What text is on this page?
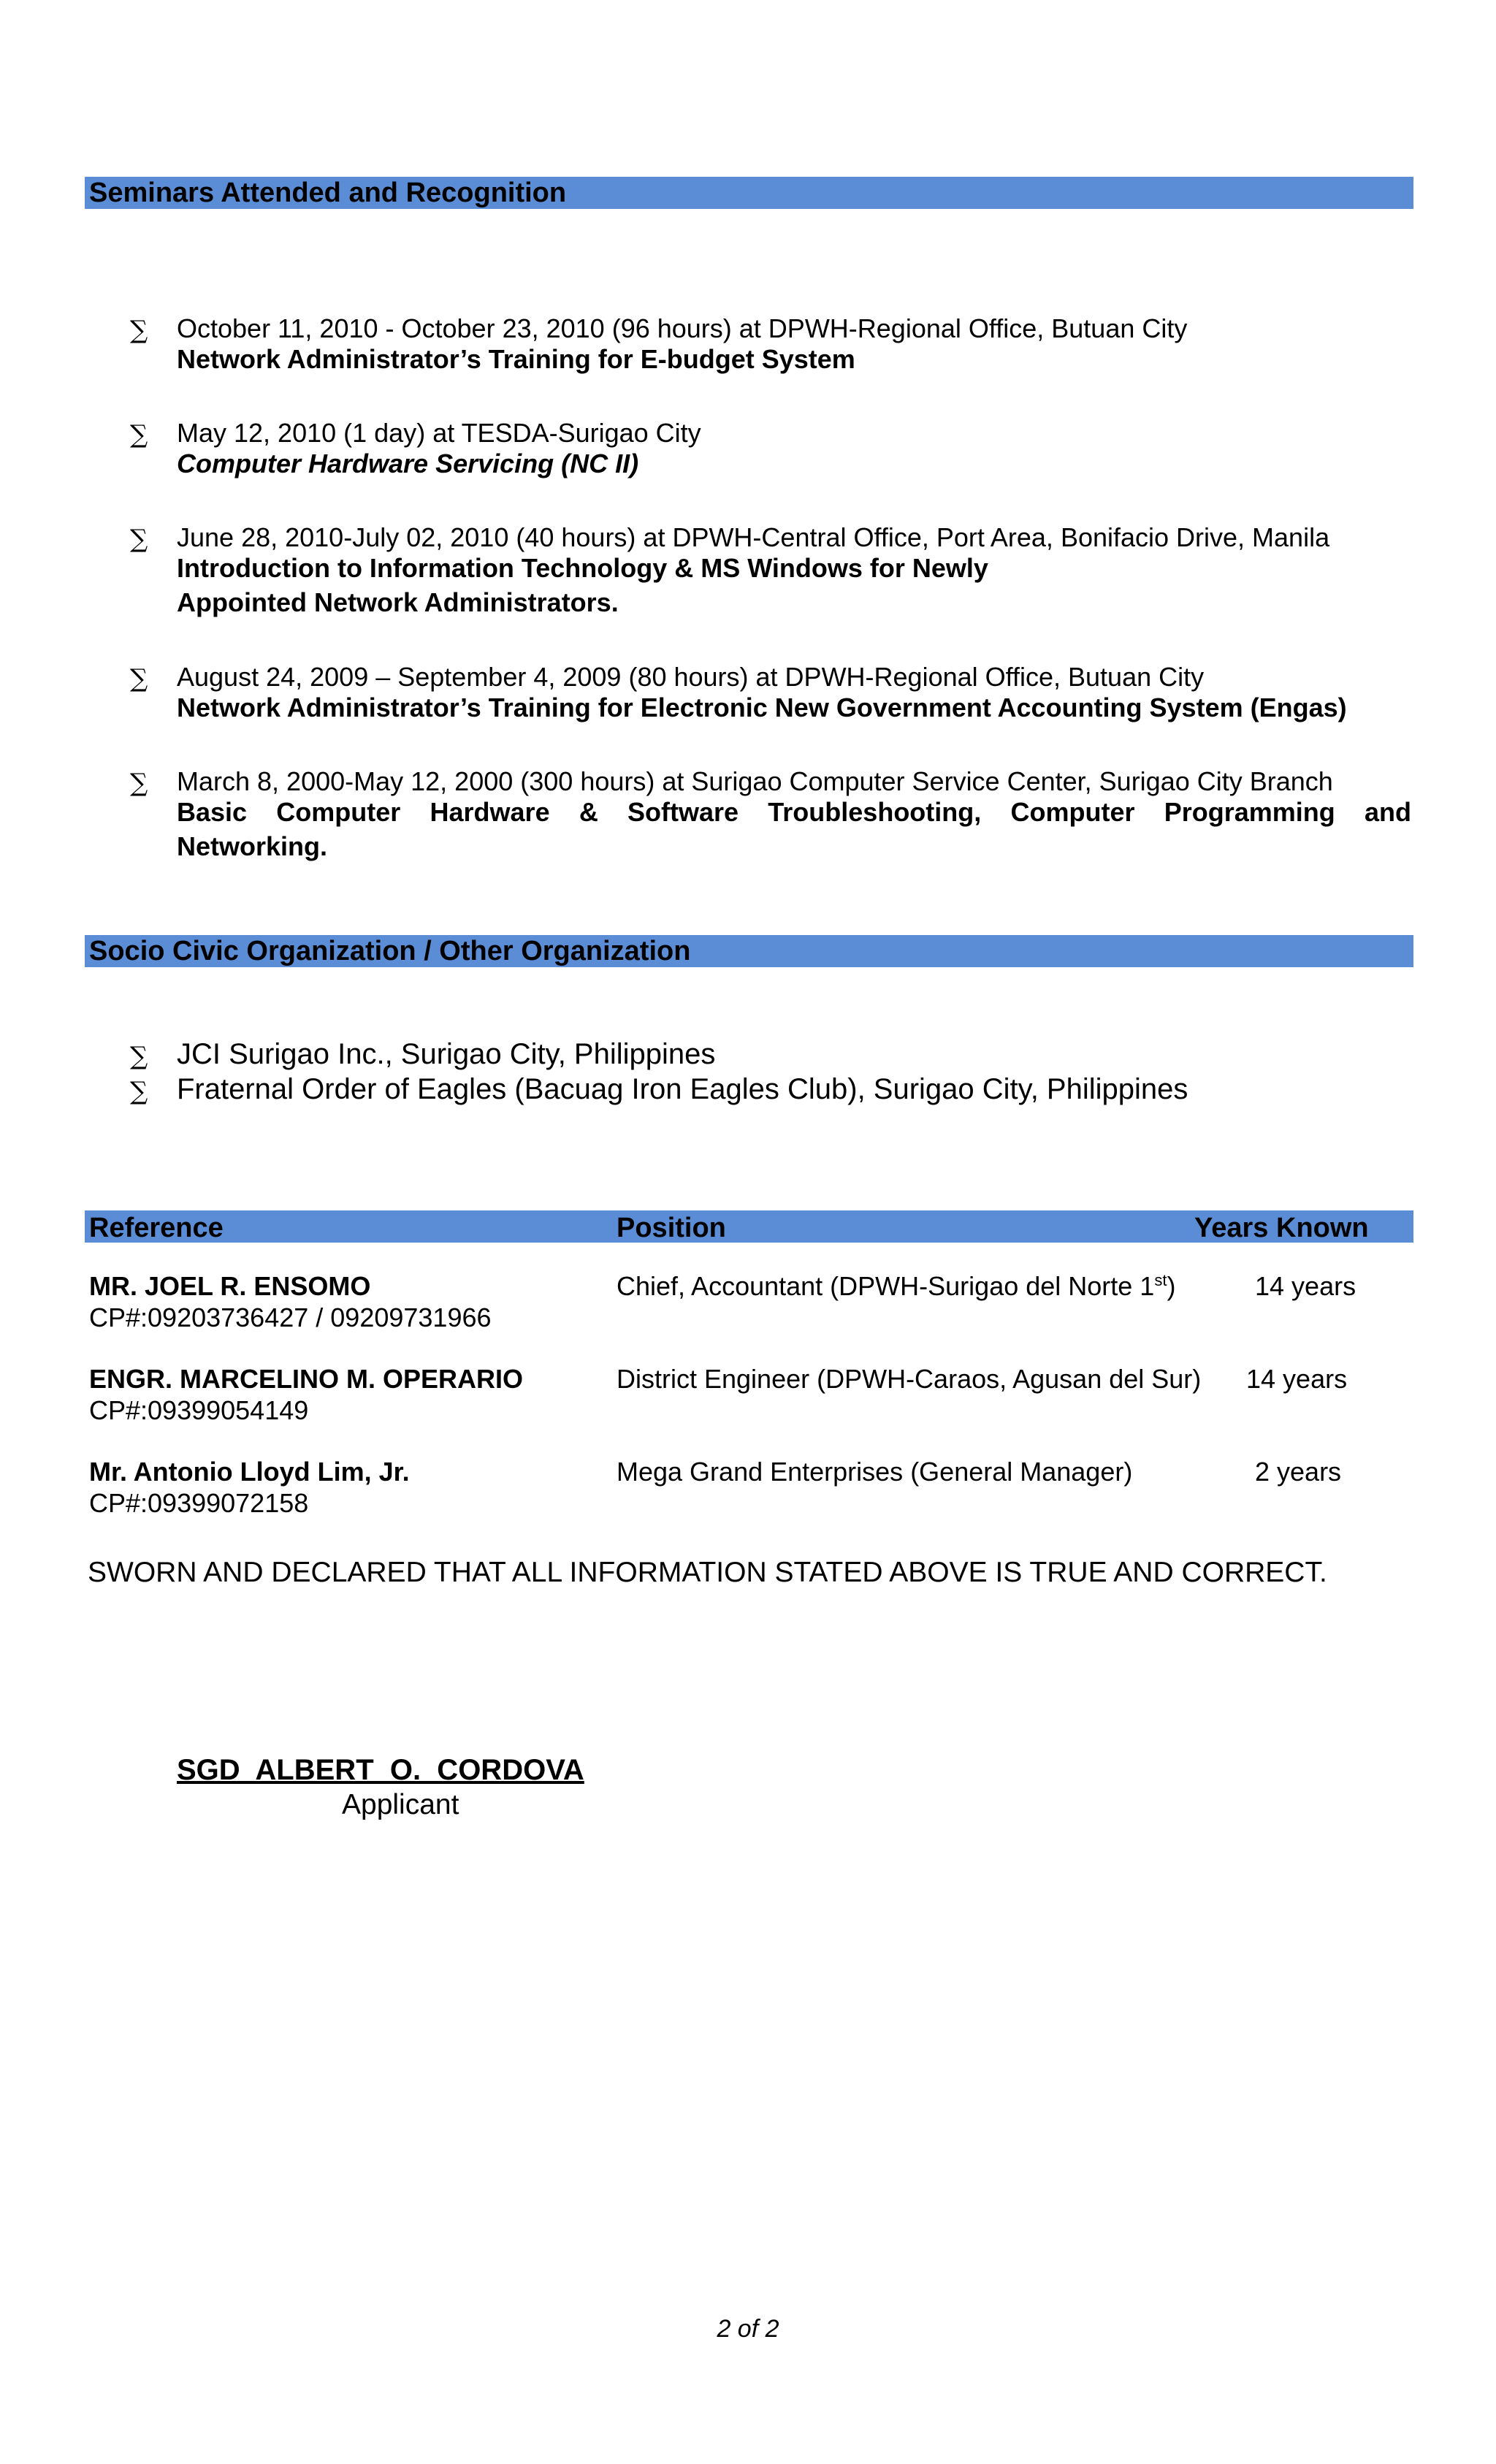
Seminars Attended and Recognition
∑ October 11, 2010 - October 23, 2010 (96 hours) at DPWH-Regional Office, Butuan City
Network Administrator’s Training for E-budget System
∑ May 12, 2010 (1 day) at TESDA-Surigao City
Computer Hardware Servicing (NC II)
∑ June 28, 2010-July 02, 2010 (40 hours) at DPWH-Central Office, Port Area, Bonifacio Drive, Manila
Introduction to Information Technology & MS Windows for Newly
Appointed Network Administrators.
∑ August 24, 2009 – September 4, 2009 (80 hours) at DPWH-Regional Office, Butuan City
Network Administrator’s Training for Electronic New Government Accounting System (Engas)
∑ March 8, 2000-May 12, 2000 (300 hours) at Surigao Computer Service Center, Surigao City Branch
Basic Computer Hardware & Software Troubleshooting, Computer Programming and
Networking.
Socio Civic Organization / Other Organization
∑ JCI Surigao Inc., Surigao City, Philippines
∑ Fraternal Order of Eagles (Bacuag Iron Eagles Club), Surigao City, Philippines
Reference	Position	Years Known
MR. JOEL R. ENSOMO
CP#:09203736427 / 09209731966
Chief, Accountant (DPWH-Surigao del Norte 1st)	14 years
ENGR. MARCELINO M. OPERARIO
CP#:09399054149
District Engineer (DPWH-Caraos, Agusan del Sur) 14 years
Mr. Antonio Lloyd Lim, Jr.
CP#:09399072158
Mega Grand Enterprises (General Manager)	2 years
SWORN AND DECLARED THAT ALL INFORMATION STATED ABOVE IS TRUE AND CORRECT.
SGD  ALBERT  O.  CORDOVA
Applicant
2 of 2
